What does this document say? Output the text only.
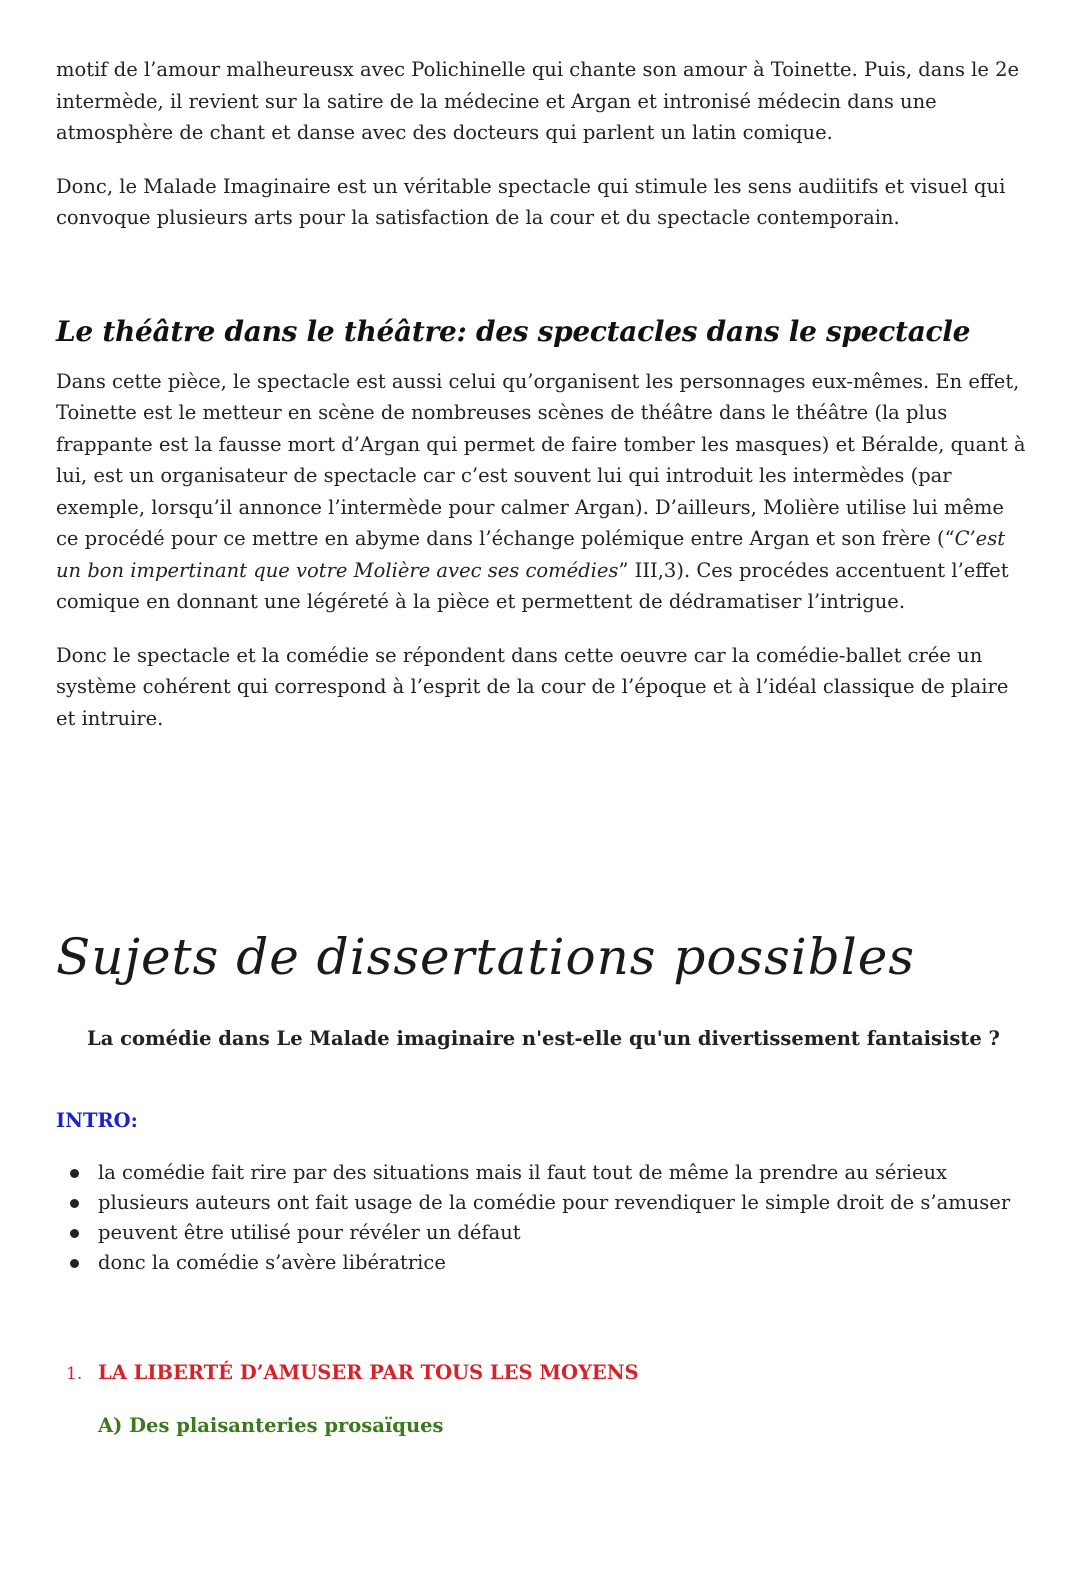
motif de l’amour malheureusx avec Polichinelle qui chante son amour à Toinette. Puis, dans le 2e intermède, il revient sur la satire de la médecine et Argan et intronisé médecin dans une atmosphère de chant et danse avec des docteurs qui parlent un latin comique.

Donc, le Malade Imaginaire est un véritable spectacle qui stimule les sens audiitifs et visuel qui convoque plusieurs arts pour la satisfaction de la cour et du spectacle contemporain.

Le théâtre dans le théâtre: des spectacles dans le spectacle

Dans cette pièce, le spectacle est aussi celui qu’organisent les personnages eux-mêmes. En effet, Toinette est le metteur en scène de nombreuses scènes de théâtre dans le théâtre (la plus frappante est la fausse mort d’Argan qui permet de faire tomber les masques) et Béralde, quant à lui, est un organisateur de spectacle car c’est souvent lui qui introduit les intermèdes (par exemple, lorsqu’il annonce l’intermède pour calmer Argan). D’ailleurs, Molière utilise lui même ce procédé pour ce mettre en abyme dans l’échange polémique entre Argan et son frère (“C’est un bon impertinant que votre Molière avec ses comédies” III,3). Ces procédes accentuent l’effet comique en donnant une légéreté à la pièce et permettent de dédramatiser l’intrigue.

Donc le spectacle et la comédie se répondent dans cette oeuvre car la comédie-ballet crée un système cohérent qui correspond à l’esprit de la cour de l’époque et à l’idéal classique de plaire et intruire.

Sujets de dissertations possibles
La comédie dans Le Malade imaginaire n'est-elle qu'un divertissement fantaisiste ?
INTRO:
la comédie fait rire par des situations mais il faut tout de même la prendre au sérieux
plusieurs auteurs ont fait usage de la comédie pour revendiquer le simple droit de s’amuser
peuvent être utilisé pour révéler un défaut
donc la comédie s’avère libératrice
1. LA LIBERTÉ D’AMUSER PAR TOUS LES MOYENS
A) Des plaisanteries prosaïques
